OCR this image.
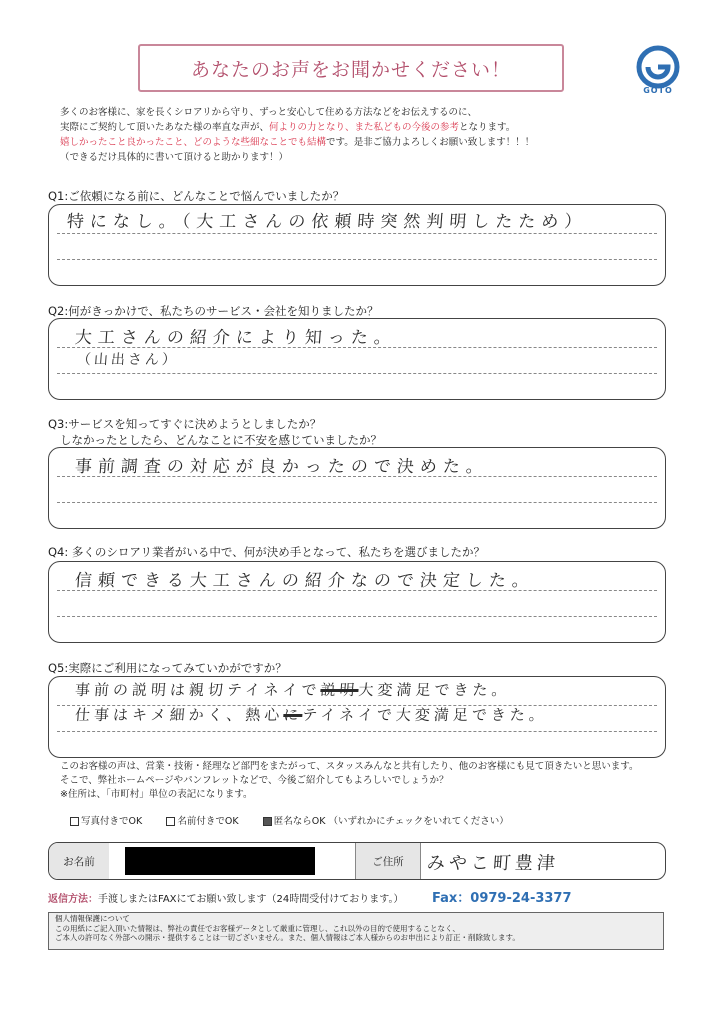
あなたのお声をお聞かせください！
GOTO
多くのお客様に、家を長くシロアリから守り、ずっと安心して住める方法などをお伝えするのに、
実際にご契約して頂いたあなた様の率直な声が、何よりの力となり、また私どもの今後の参考となります。
嬉しかったこと良かったこと、どのような些細なことでも結構です。是非ご協力よろしくお願い致します！！！
（できるだけ具体的に書いて頂けると助かります！）
Q1:ご依頼になる前に、どんなことで悩んでいましたか？
特になし。（大工さんの依頼時突然判明したため）
Q2:何がきっかけで、私たちのサービス・会社を知りましたか？
大工さんの紹介により知った。
（山出さん）
Q3:サービスを知ってすぐに決めようとしましたか？
しなかったとしたら、どんなことに不安を感じていましたか？
事前調査の対応が良かったので決めた。
Q4: 多くのシロアリ業者がいる中で、何が決め手となって、私たちを選びましたか？
信頼できる大工さんの紹介なので決定した。
Q5:実際にご利用になってみていかがですか？
事前の説明は親切テイネイで説明大変満足できた。
仕事はキメ細かく、熱心にテイネイで大変満足できた。
このお客様の声は、営業・技術・経理など部門をまたがって、スタッスみんなと共有したり、他のお客様にも見て頂きたいと思います。
そこで、弊社ホームページやパンフレットなどで、今後ご紹介してもよろしいでしょうか？
※住所は、「市町村」単位の表記になります。
写真付きでOK	名前付きでOK	匿名ならOK （いずれかにチェックをいれてください）
お名前	ご住所	みやこ町豊津
返信方法：手渡しまたはFAXにてお願い致します（24時間受付けております。） Fax：0979-24-3377
個人情報保護について
この用紙にご記入頂いた情報は、弊社の責任でお客様データとして厳重に管理し、これ以外の目的で使用することなく、
ご本人の許可なく外部への開示・提供することは一切ございません。また、個人情報はご本人様からのお申出により訂正・削除致します。
